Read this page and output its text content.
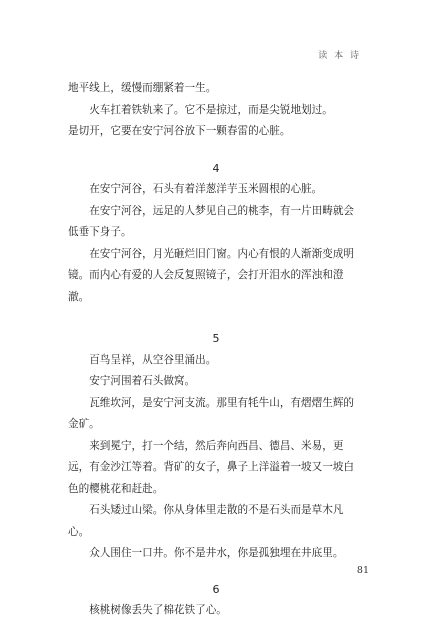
读 本 诗

地平线上，缓慢而绷紧着一生。

火车扛着铁轨来了。它不是掠过，而是尖锐地划过。

是切开，它要在安宁河谷放下一颗春雷的心脏。

4

在安宁河谷，石头有着洋葱洋芋玉米圆根的心脏。

在安宁河谷，远足的人梦见自己的桃李，有一片田畴就会低垂下身子。

在安宁河谷，月光砸烂旧门窗。内心有恨的人渐渐变成明镜。而内心有爱的人会反复照镜子，会打开泪水的浑浊和澄澈。

5

百鸟呈祥，从空谷里涌出。

安宁河围着石头做窝。

瓦维坎河，是安宁河支流。那里有牦牛山，有熠熠生辉的金矿。

来到冕宁，打一个结，然后奔向西昌、德昌、米易，更远，有金沙江等着。背矿的女子，鼻子上洋溢着一坡又一坡白色的樱桃花和赶赴。

石头矮过山梁。你从身体里走散的不是石头而是草木凡心。

众人围住一口井。你不是井水，你是孤独埋在井底里。

6

核桃树像丢失了棉花铁了心。

81
